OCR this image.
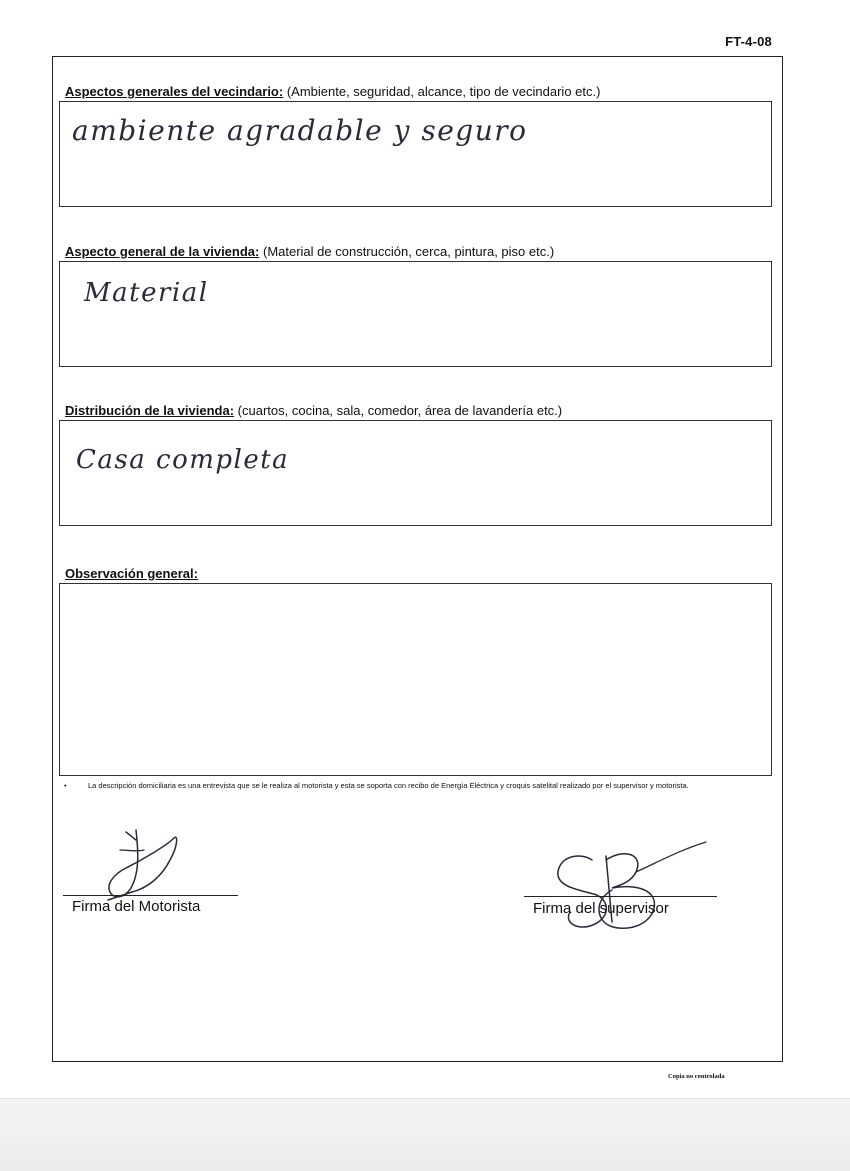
FT-4-08
Aspectos generales del vecindario: (Ambiente, seguridad, alcance, tipo de vecindario etc.)
ambiente agradable y seguro
Aspecto general de la vivienda: (Material de construcción, cerca, pintura, piso etc.)
Material
Distribución de la vivienda: (cuartos, cocina, sala, comedor, área de lavandería etc.)
Casa completa
Observación general:
•	La descripción domiciliaria es una entrevista que se le realiza al motorista y esta se soporta con recibo de Energía Eléctrica y croquis satelital realizado por el supervisor y motorista.
Firma del Motorista	Firma del supervisor
Copia no controlada
